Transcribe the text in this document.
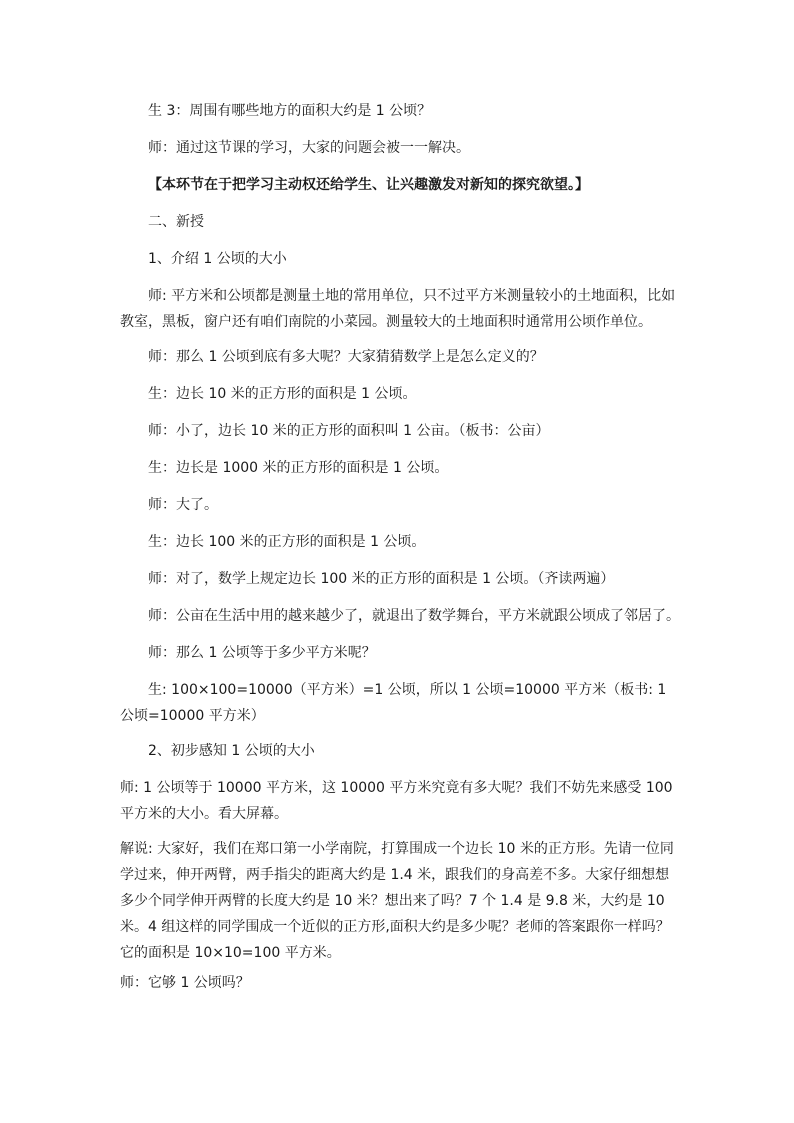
生 3：周围有哪些地方的面积大约是 1 公顷？

师：通过这节课的学习，大家的问题会被一一解决。

【本环节在于把学习主动权还给学生、让兴趣激发对新知的探究欲望。】

二、新授

1、介绍 1 公顷的大小

师: 平方米和公顷都是测量土地的常用单位，只不过平方米测量较小的土地面积，比如教室，黑板，窗户还有咱们南院的小菜园。测量较大的土地面积时通常用公顷作单位。

师：那么 1 公顷到底有多大呢？大家猜猜数学上是怎么定义的？

生：边长 10 米的正方形的面积是 1 公顷。

师：小了，边长 10 米的正方形的面积叫 1 公亩。（板书：公亩）

生：边长是 1000 米的正方形的面积是 1 公顷。

师：大了。

生：边长 100 米的正方形的面积是 1 公顷。

师：对了，数学上规定边长 100 米的正方形的面积是 1 公顷。（齐读两遍）

师：公亩在生活中用的越来越少了，就退出了数学舞台，平方米就跟公顷成了邻居了。

师：那么 1 公顷等于多少平方米呢？

生: 100×100=10000（平方米）=1 公顷，所以 1 公顷=10000 平方米（板书: 1 公顷=10000 平方米）

2、初步感知 1 公顷的大小

师: 1 公顷等于 10000 平方米，这 10000 平方米究竟有多大呢？我们不妨先来感受 100 平方米的大小。看大屏幕。

解说: 大家好，我们在郑口第一小学南院，打算围成一个边长 10 米的正方形。先请一位同学过来，伸开两臂，两手指尖的距离大约是 1.4 米，跟我们的身高差不多。大家仔细想想多少个同学伸开两臂的长度大约是 10 米？想出来了吗？7 个 1.4 是 9.8 米，大约是 10 米。4 组这样的同学围成一个近似的正方形,面积大约是多少呢？老师的答案跟你一样吗？它的面积是 10×10=100 平方米。

师：它够 1 公顷吗？
